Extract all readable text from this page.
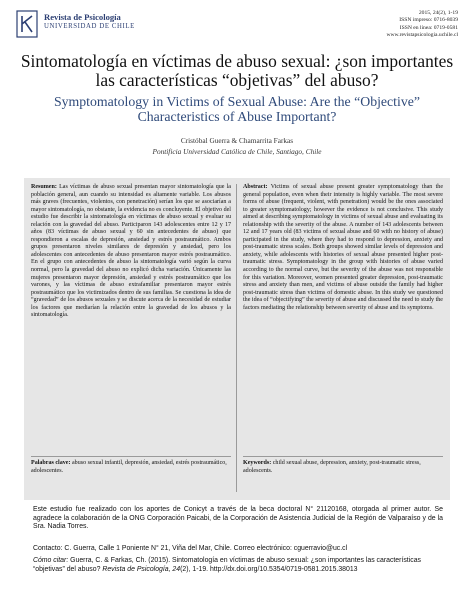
Revista de Psicología
UNIVERSIDAD DE CHILE
2015, 24(2), 1-19
ISSN impreso: 0716-8039
ISSN en línea: 0719-0581
www.revistapsicologia.uchile.cl
Sintomatología en víctimas de abuso sexual: ¿son importantes las características “objetivas” del abuso?
Symptomatology in Victims of Sexual Abuse: Are the “Objective” Characteristics of Abuse Important?
Cristóbal Guerra & Chamarrita Farkas
Pontificia Universidad Católica de Chile, Santiago, Chile
Resumen: Las víctimas de abuso sexual presentan mayor sintomatología que la población general, aun cuando su intensidad es altamente variable. Los abusos más graves (frecuentes, violentos, con penetración) serían los que se asociarían a mayor sintomatología, no obstante, la evidencia no es concluyente. El objetivo del estudio fue describir la sintomatología en víctimas de abuso sexual y evaluar su relación con la gravedad del abuso. Participaron 143 adolescentes entre 12 y 17 años (83 víctimas de abuso sexual y 60 sin antecedentes de abuso) que respondieron a escalas de depresión, ansiedad y estrés postraumático. Ambos grupos presentaron niveles similares de depresión y ansiedad, pero los adolescentes con antecedentes de abuso presentaron mayor estrés postraumático. En el grupo con antecedentes de abuso la sintomatología varió según la curva normal, pero la gravedad del abuso no explicó dicha variación. Únicamente las mujeres presentaron mayor depresión, ansiedad y estrés postraumático que los varones, y las víctimas de abuso extrafamiliar presentaron mayor estrés postraumático que los victimizados dentro de sus familias. Se cuestiona la idea de “gravedad” de los abusos sexuales y se discute acerca de la necesidad de estudiar los factores que mediarían la relación entre la gravedad de los abusos y la sintomatología.
Abstract: Victims of sexual abuse present greater symptomatology than the general population, even when their intensity is highly variable. The most severe forms of abuse (frequent, violent, with penetration) would be the ones associated to greater symptomatology; however the evidence is not conclusive. This study aimed at describing symptomatology in victims of sexual abuse and evaluating its relationship with the severity of the abuse. A number of 143 adolescents between 12 and 17 years old (83 victims of sexual abuse and 60 with no history of abuse) participated in the study, where they had to respond to depression, anxiety and post-traumatic stress scales. Both groups showed similar levels of depression and anxiety, while adolescents with histories of sexual abuse presented higher post-traumatic stress. Symptomatology in the group with histories of abuse varied according to the normal curve, but the severity of the abuse was not responsible for this variation. Moreover, women presented greater depression, post-traumatic stress and anxiety than men, and victims of abuse outside the family had higher post-traumatic stress than victims of domestic abuse. In this study we questioned the idea of “objectifying” the severity of abuse and discussed the need to study the factors mediating the relationship between severity of abuse and its symptoms.
Palabras clave: abuso sexual infantil, depresión, ansiedad, estrés postraumático, adolescentes.
Keywords: child sexual abuse, depression, anxiety, post-traumatic stress, adolescents.
Este estudio fue realizado con los aportes de Conicyt a través de la beca doctoral N° 21120168, otorgada al primer autor. Se agradece la colaboración de la ONG Corporación Paicabi, de la Corporación de Asistencia Judicial de la Región de Valparaíso y de la Sra. Nadia Torres.
Contacto: C. Guerra, Calle 1 Poniente N° 21, Viña del Mar, Chile. Correo electrónico: cguerravio@uc.cl
Cómo citar: Guerra, C. & Farkas, Ch. (2015). Sintomatología en víctimas de abuso sexual: ¿son importantes las características “objetivas” del abuso? Revista de Psicología, 24(2), 1-19. http://dx.doi.org/10.5354/0719-0581.2015.38013
